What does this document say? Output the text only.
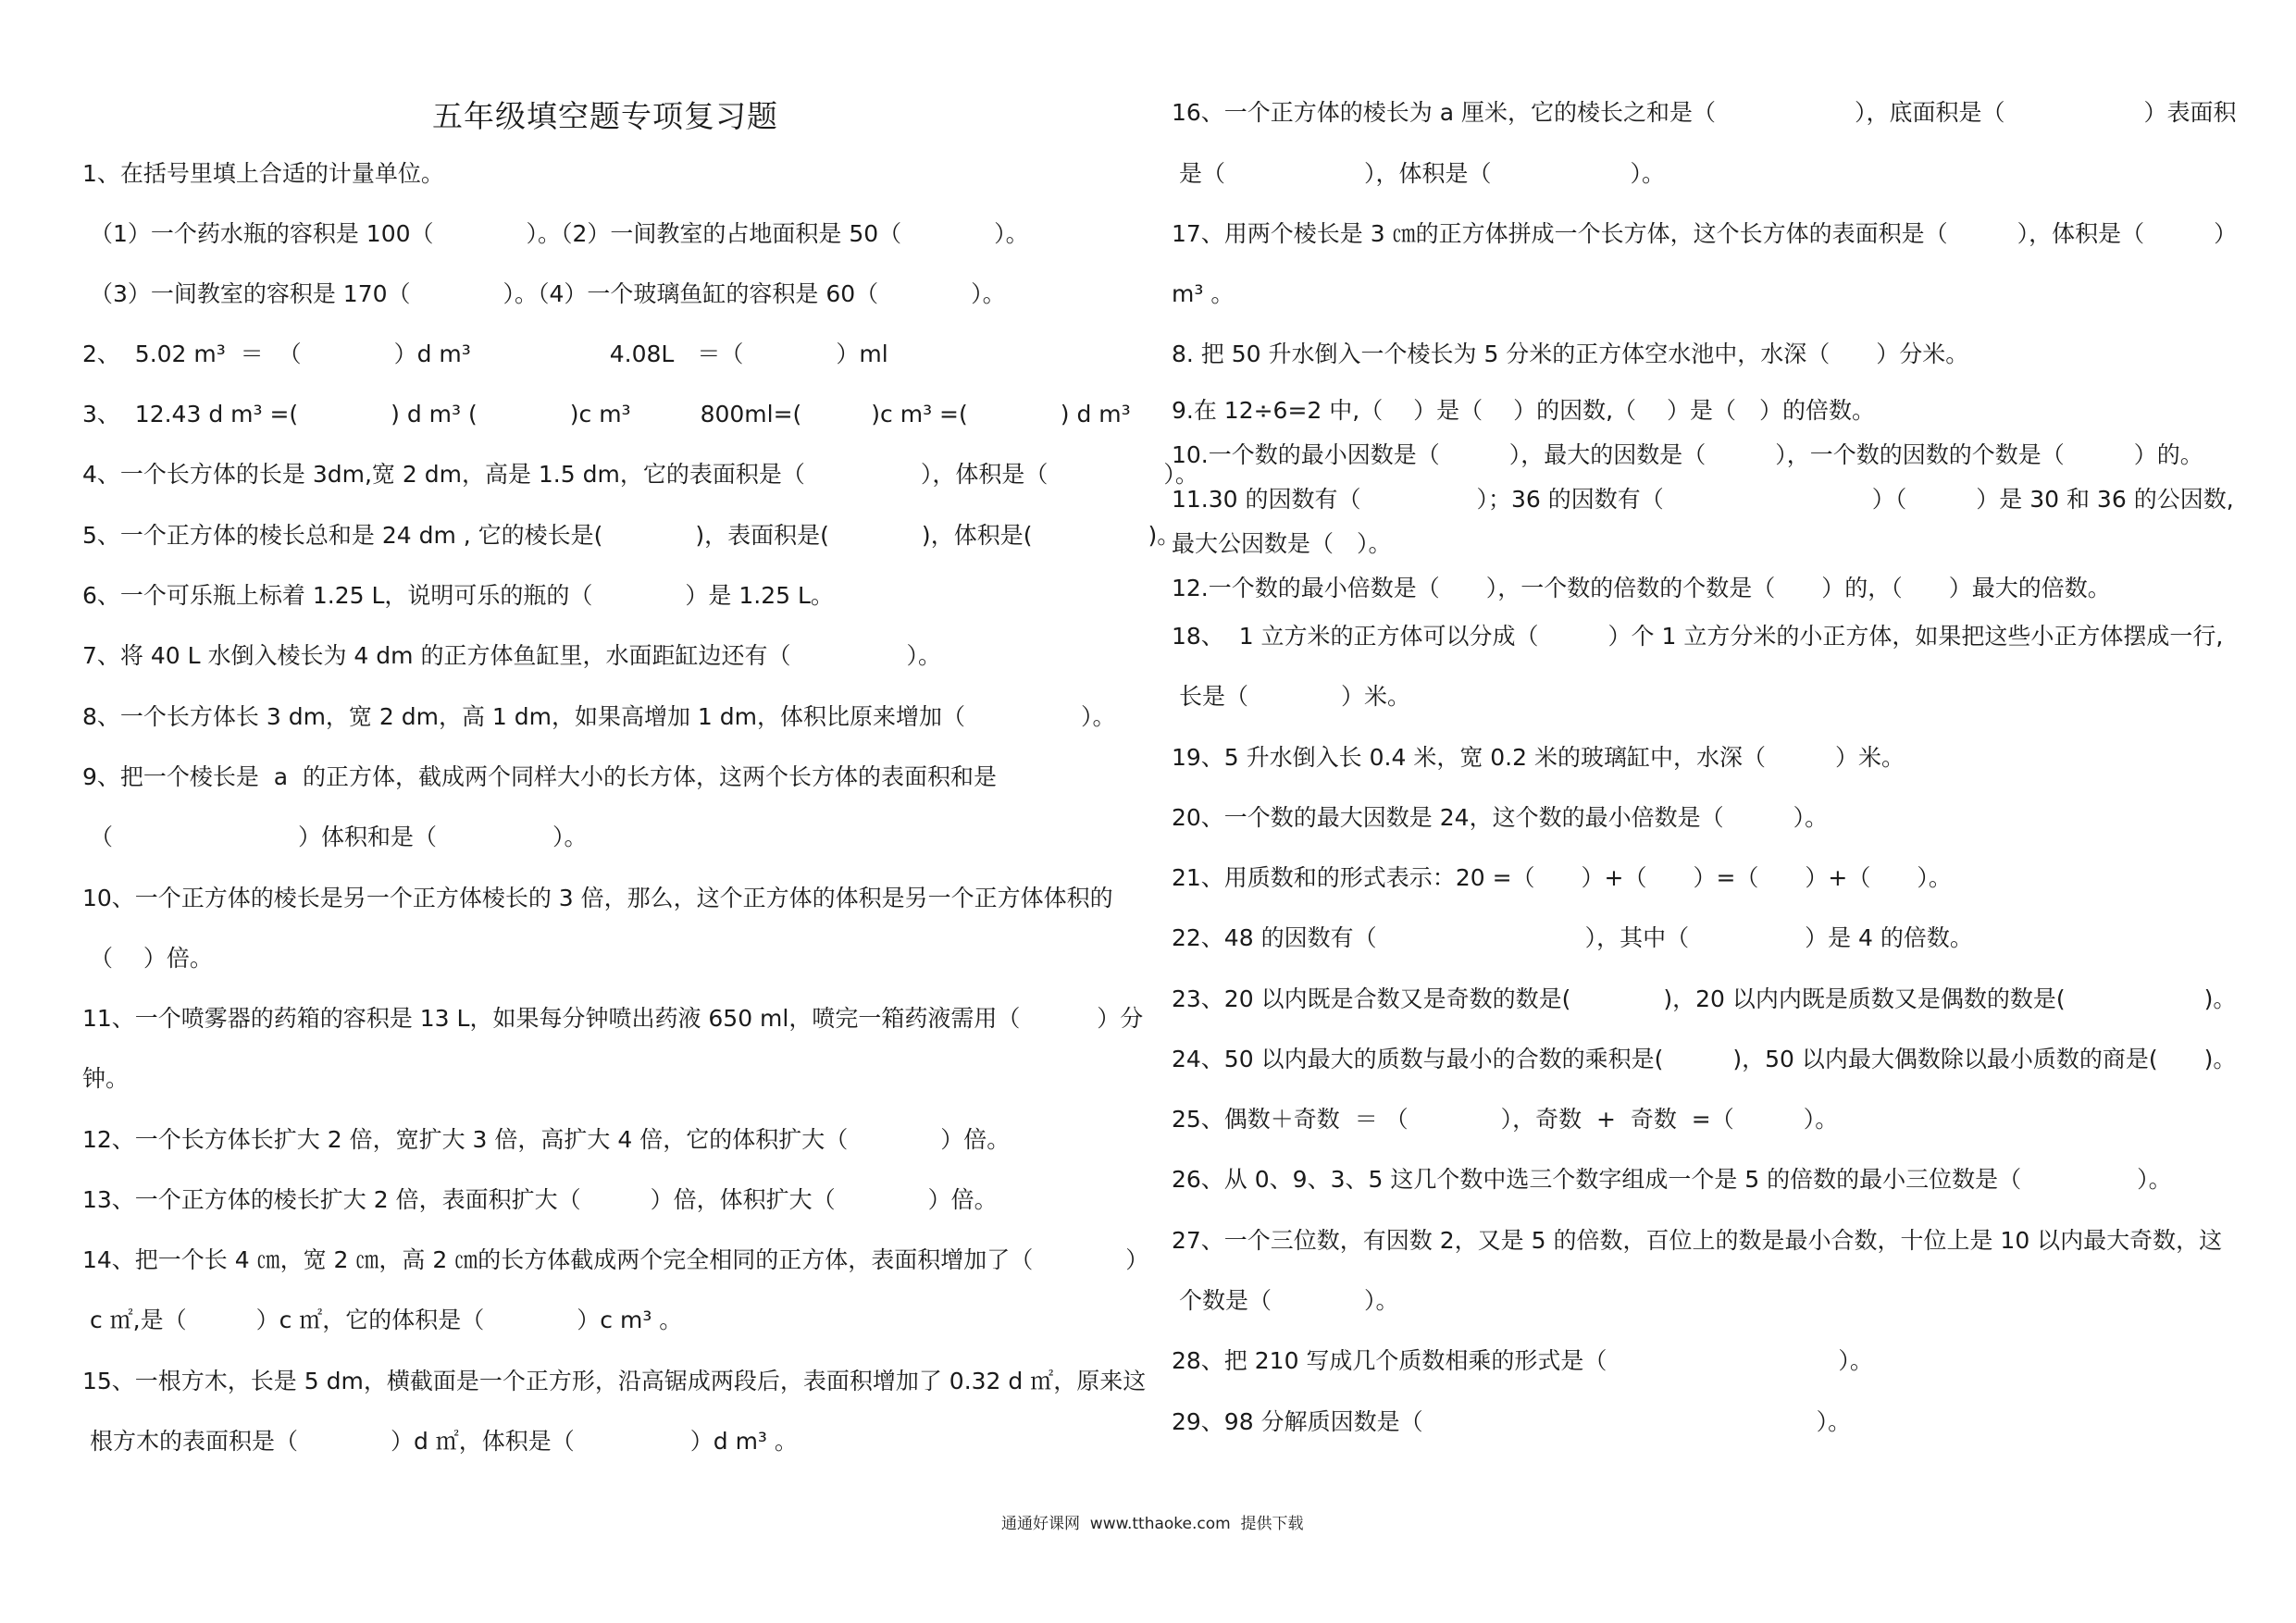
五年级填空题专项复习题
1、在括号里填上合适的计量单位。
（1）一个药水瓶的容积是 100（　　　　）。（2）一间教室的占地面积是 50（　　　　）。
（3）一间教室的容积是 170（　　　　）。（4）一个玻璃鱼缸的容积是 60（　　　　）。
2、  5.02 m³  ＝  （　　　　）d m³　　　　　　4.08L　＝（　　　　）ml
3、  12.43 d m³ =(　　　　) d m³ (　　　　)c m³　　　800ml=(　　　)c m³ =(　　　　) d m³
4、一个长方体的长是 3dm,宽 2 dm，高是 1.5 dm，它的表面积是（　　　　　），体积是（　　　　　）。
5、一个正方体的棱长总和是 24 dm , 它的棱长是(　　　　)，表面积是(　　　　)，体积是(　　　　　)。
6、一个可乐瓶上标着 1.25 L，说明可乐的瓶的（　　　　）是 1.25 L。
7、将 40 L 水倒入棱长为 4 dm 的正方体鱼缸里，水面距缸边还有（　　　　　）。
8、一个长方体长 3 dm，宽 2 dm，高 1 dm，如果高增加 1 dm，体积比原来增加（　　　　　）。
9、把一个棱长是  a  的正方体，截成两个同样大小的长方体，这两个长方体的表面积和是
（　　　　　　　　）体积和是（　　　　　）。
10、一个正方体的棱长是另一个正方体棱长的 3 倍，那么，这个正方体的体积是另一个正方体体积的
（　 ）倍。
11、一个喷雾器的药箱的容积是 13 L，如果每分钟喷出药液 650 ml，喷完一箱药液需用（　　　 ）分
钟。
12、一个长方体长扩大 2 倍，宽扩大 3 倍，高扩大 4 倍，它的体积扩大（　　　　）倍。
13、一个正方体的棱长扩大 2 倍，表面积扩大（　　　）倍，体积扩大（　　　　）倍。
14、把一个长 4 ㎝，宽 2 ㎝，高 2 ㎝的长方体截成两个完全相同的正方体，表面积增加了（　　　　）
c ㎡,是（　　　）c ㎡，它的体积是（　　　　）c m³ 。
15、一根方木，长是 5 dm，横截面是一个正方形，沿高锯成两段后，表面积增加了 0.32 d ㎡，原来这
根方木的表面积是（　　　　）d ㎡，体积是（　　　　　）d m³ 。
16、一个正方体的棱长为 a 厘米，它的棱长之和是（　　　　　　），底面积是（　　　　　　）表面积
是（　　　　　　），体积是（　　　　　　）。
17、用两个棱长是 3 ㎝的正方体拼成一个长方体，这个长方体的表面积是（　　　），体积是（　　　）
m³ 。
8. 把 50 升水倒入一个棱长为 5 分米的正方体空水池中，水深（　　）分米。
9.在 12÷6=2 中,（　 ）是（　 ）的因数,（　 ）是（　）的倍数。
10.一个数的最小因数是（　　　），最大的因数是（　　　），一个数的因数的个数是（　　　）的。
11.30 的因数有（　　　　　）；36 的因数有（　　　　　　　　　）（　　　）是 30 和 36 的公因数,
最大公因数是（　）。
12.一个数的最小倍数是（　　），一个数的倍数的个数是（　　）的，（　　）最大的倍数。
18、  1 立方米的正方体可以分成（　　　）个 1 立方分米的小正方体，如果把这些小正方体摆成一行,
长是（　　　　）米。
19、5 升水倒入长 0.4 米，宽 0.2 米的玻璃缸中，水深（　　　）米。
20、一个数的最大因数是 24，这个数的最小倍数是（　　　）。
21、用质数和的形式表示：20 =（　　）+（　　）=（　　）+（　　）。
22、48 的因数有（　　　　　　　　　），其中（　　　　　）是 4 的倍数。
23、20 以内既是合数又是奇数的数是(　　　　)，20 以内内既是质数又是偶数的数是(　　　　　　)。
24、50 以内最大的质数与最小的合数的乘积是(　　　)，50 以内最大偶数除以最小质数的商是(　　)。
25、偶数＋奇数  ＝ （　　　　），奇数  +  奇数  =（　　　）。
26、从 0、9、3、5 这几个数中选三个数字组成一个是 5 的倍数的最小三位数是（　　　　　）。
27、一个三位数，有因数 2，又是 5 的倍数，百位上的数是最小合数，十位上是 10 以内最大奇数，这
个数是（　　　　）。
28、把 210 写成几个质数相乘的形式是（　　　　　　　　　　）。
29、98 分解质因数是（　　　　　　　　　　　　　　　　　）。
通通好课网  www.tthaoke.com  提供下载
